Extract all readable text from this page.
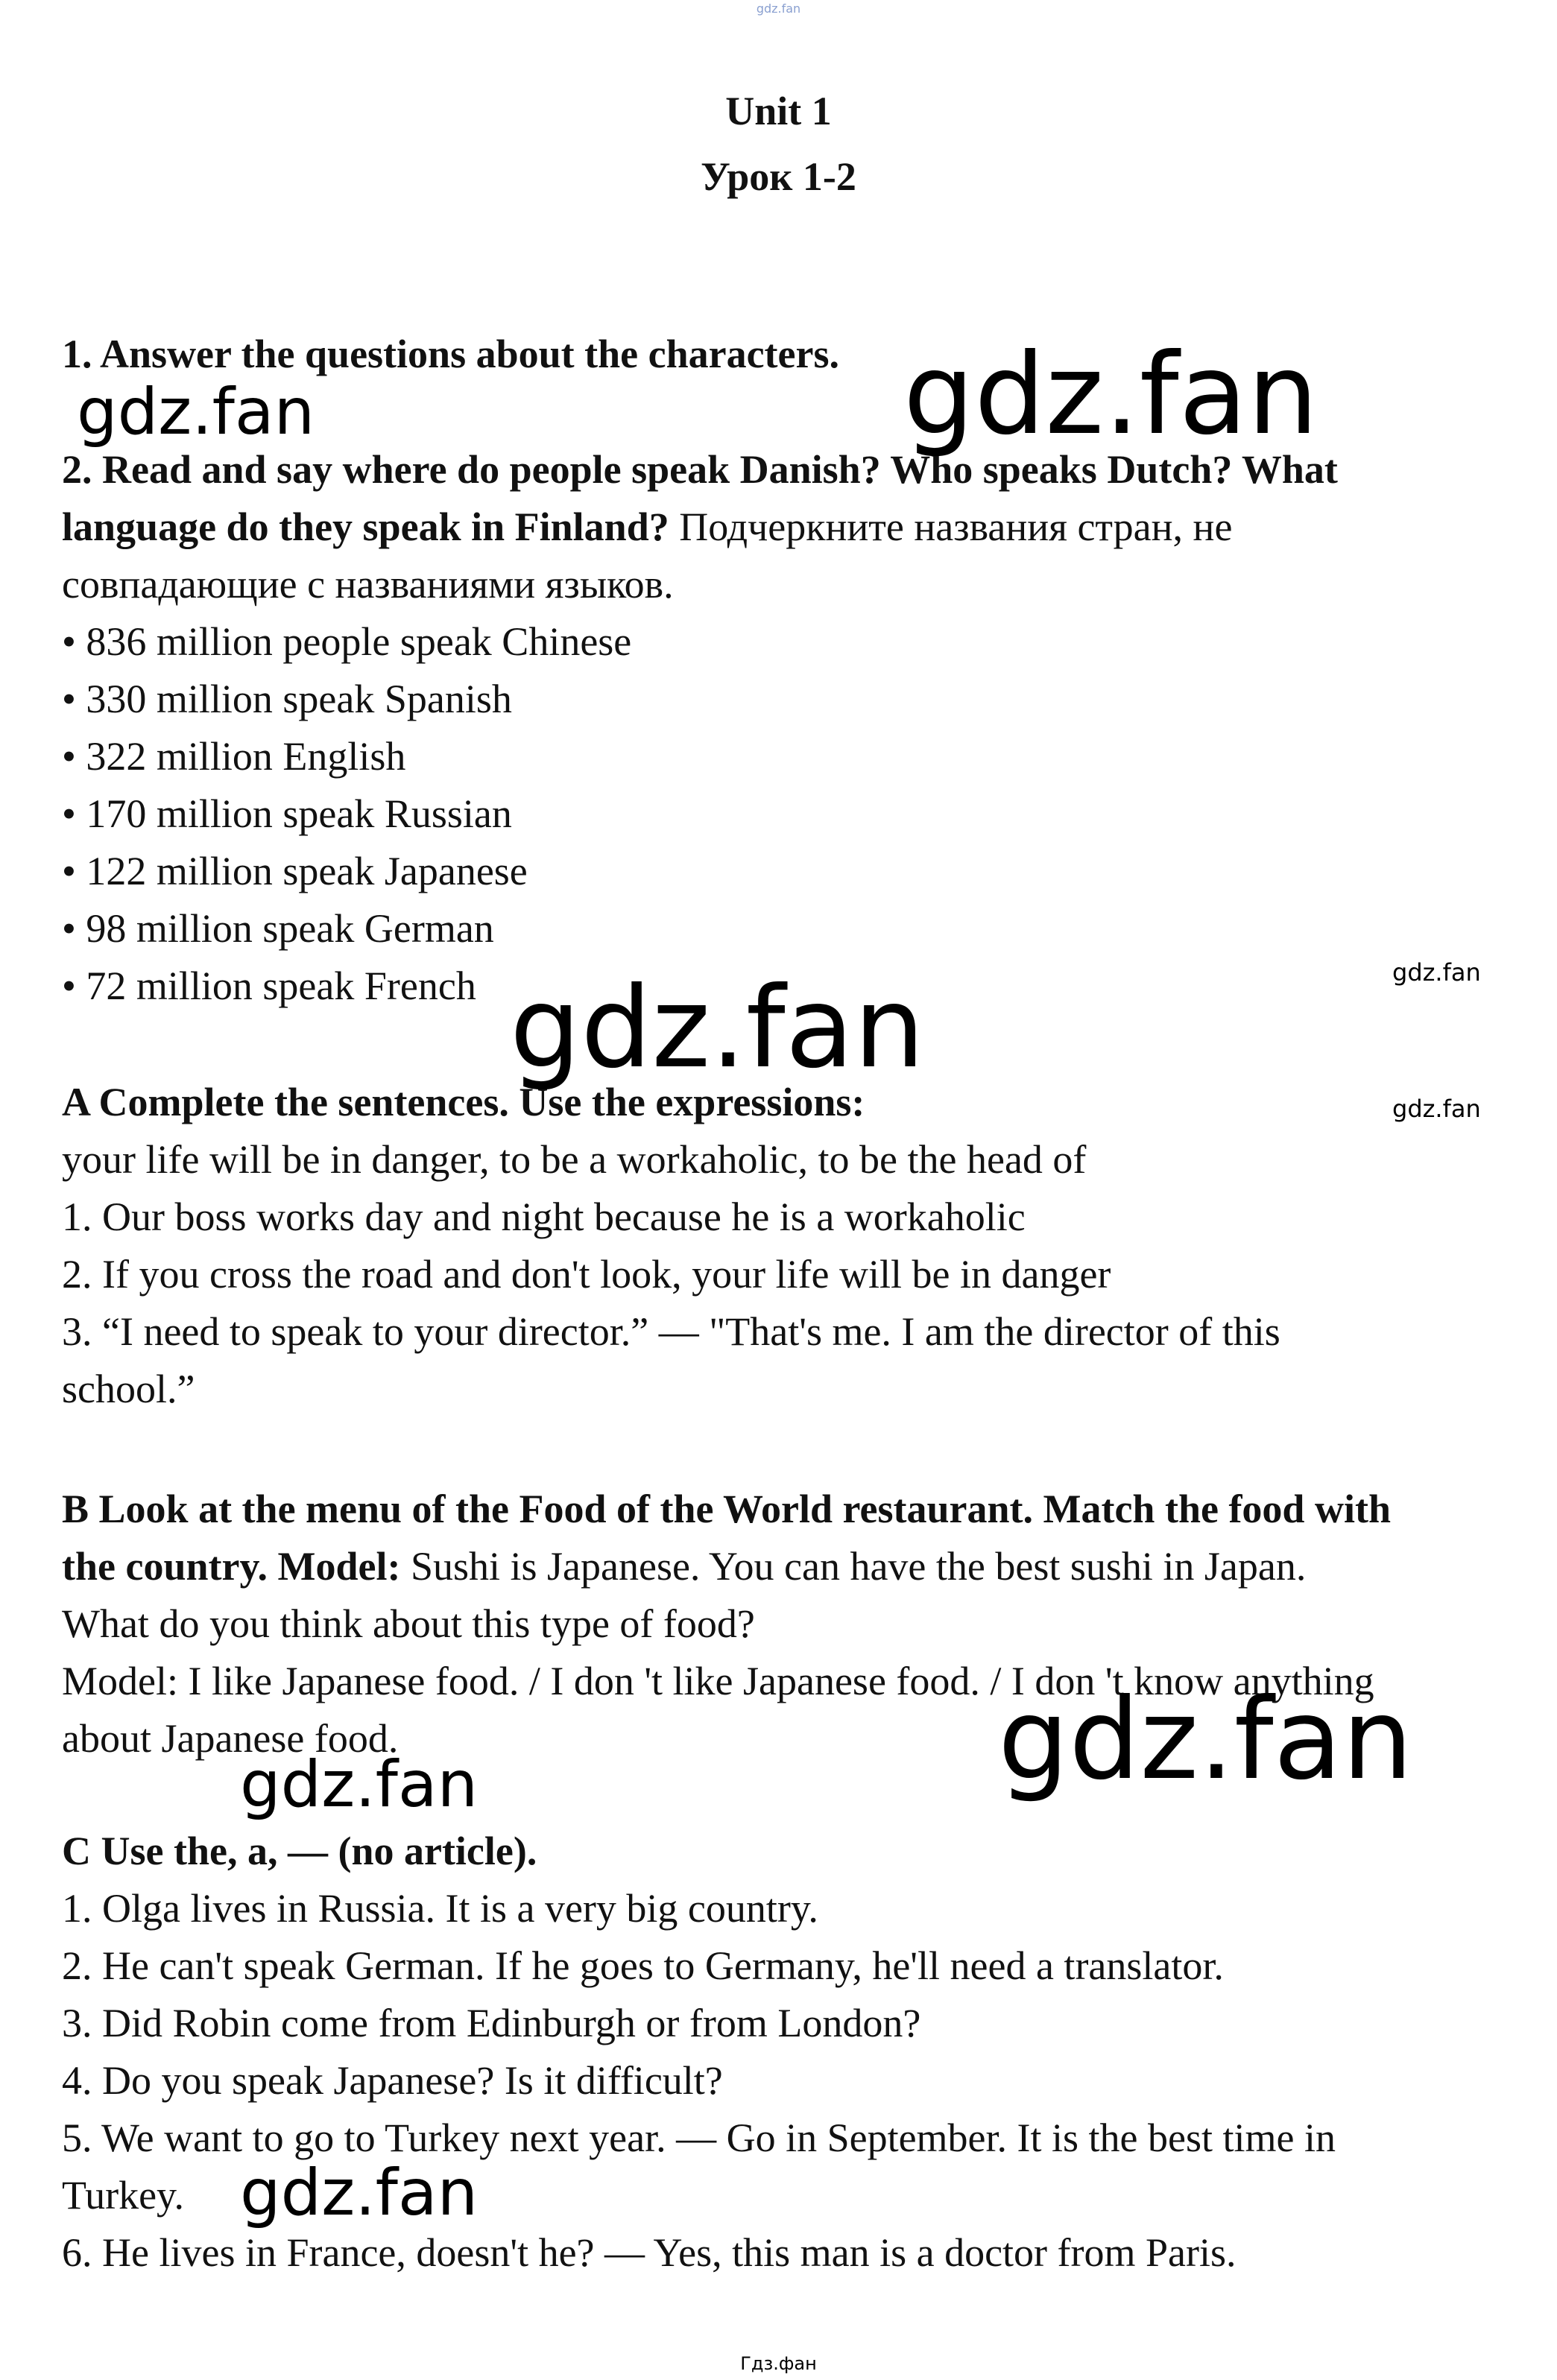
gdz.fan
Unit 1
Урок 1-2
1. Answer the questions about the characters.
2. Read and say where do people speak Danish? Who speaks Dutch? What
language do they speak in Finland? Подчеркните названия стран, не
совпадающие с названиями языков.
• 836 million people speak Chinese
• 330 million speak Spanish
• 322 million English
• 170 million speak Russian
• 122 million speak Japanese
• 98 million speak German
• 72 million speak French
A Complete the sentences. Use the expressions:
your life will be in danger, to be a workaholic, to be the head of
1. Our boss works day and night because he is a workaholic
2. If you cross the road and don't look, your life will be in danger
3. “I need to speak to your director.” — "That's me. I am the director of this
school.”
B Look at the menu of the Food of the World restaurant. Match the food with
the country. Model: Sushi is Japanese. You can have the best sushi in Japan.
What do you think about this type of food?
Model: I like Japanese food. / I don 't like Japanese food. / I don 't know anything
about Japanese food.
C Use the, a, — (no article).
1. Olga lives in Russia. It is a very big country.
2. He can't speak German. If he goes to Germany, he'll need a translator.
3. Did Robin come from Edinburgh or from London?
4. Do you speak Japanese? Is it difficult?
5. We want to go to Turkey next year. — Go in September. It is the best time in
Turkey.
6. He lives in France, doesn't he? — Yes, this man is a doctor from Paris.
gdz.fan	gdz.fan
gdz.fan
gdz.fan
gdz.fan
gdz.fan
gdz.fan
gdz.fan
Гдз.фан
